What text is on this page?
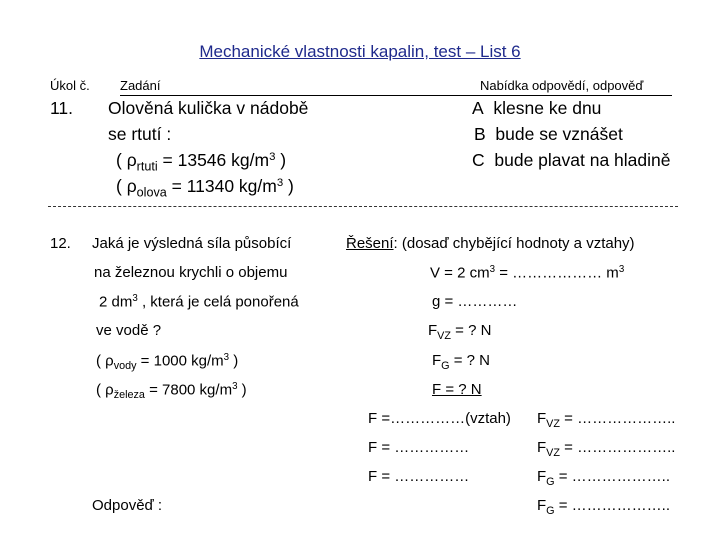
Mechanické vlastnosti kapalin, test – List 6
Úkol č. Zadání	Nabídka odpovědí, odpověď
11. Olověná kulička v nádobě
se rtutí :
( $\rho_{rtuti} = 13546$ $kg/m^3$ )
( $\rho_{olova} = 11340$ $kg/m^3$ )
A klesne ke dnu
B bude se vznášet
C bude plavat na hladině
12. Jaká je výsledná síla působící
na železnou krychli o objemu
2 $dm^3$ , která je celá ponořená
ve vodě ?
( $\rho_{vody} = 1000$ $kg/m^3$ )
( $\rho_{železa} = 7800$ $kg/m^3$ )
Odpověď :
Řešení: (dosaď chybějící hodnoty a vztahy)
V = 2 $cm^3$ = ……………… $m^3$
g = …………
$F_{VZ}$ = ? N
$F_G$ = ? N
F = ? N
F =……………(vztah)
F = ……………
F = ……………
$F_{VZ}$ = ………………..
$F_{VZ}$ = ………………..
$F_G$ = ………………..
$F_G$ = ………………..
